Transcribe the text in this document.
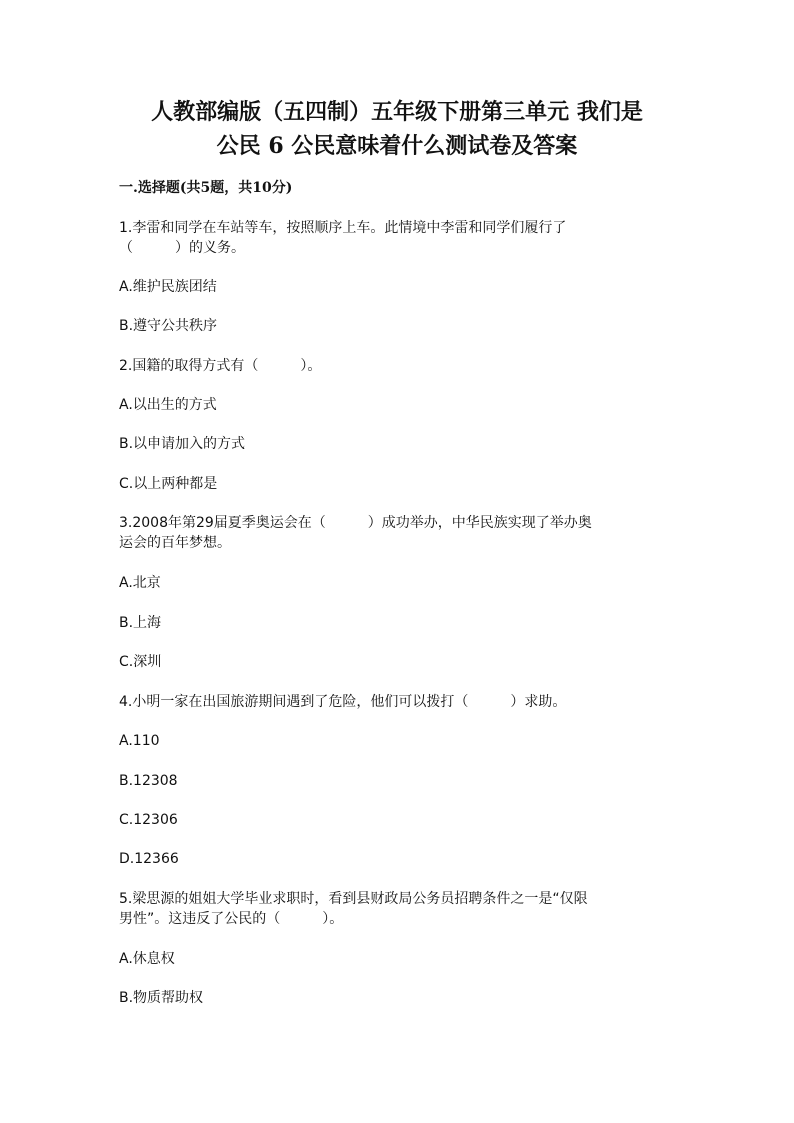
人教部编版（五四制）五年级下册第三单元 我们是
公民 6 公民意味着什么测试卷及答案
一.选择题(共5题，共10分)
1.李雷和同学在车站等车，按照顺序上车。此情境中李雷和同学们履行了
（　　　）的义务。
A.维护民族团结
B.遵守公共秩序
2.国籍的取得方式有（　　　）。
A.以出生的方式
B.以申请加入的方式
C.以上两种都是
3.2008年第29届夏季奥运会在（　　　）成功举办，中华民族实现了举办奥
运会的百年梦想。
A.北京
B.上海
C.深圳
4.小明一家在出国旅游期间遇到了危险，他们可以拨打（　　　）求助。
A.110
B.12308
C.12306
D.12366
5.梁思源的姐姐大学毕业求职时，看到县财政局公务员招聘条件之一是“仅限
男性”。这违反了公民的（　　　）。
A.休息权
B.物质帮助权
